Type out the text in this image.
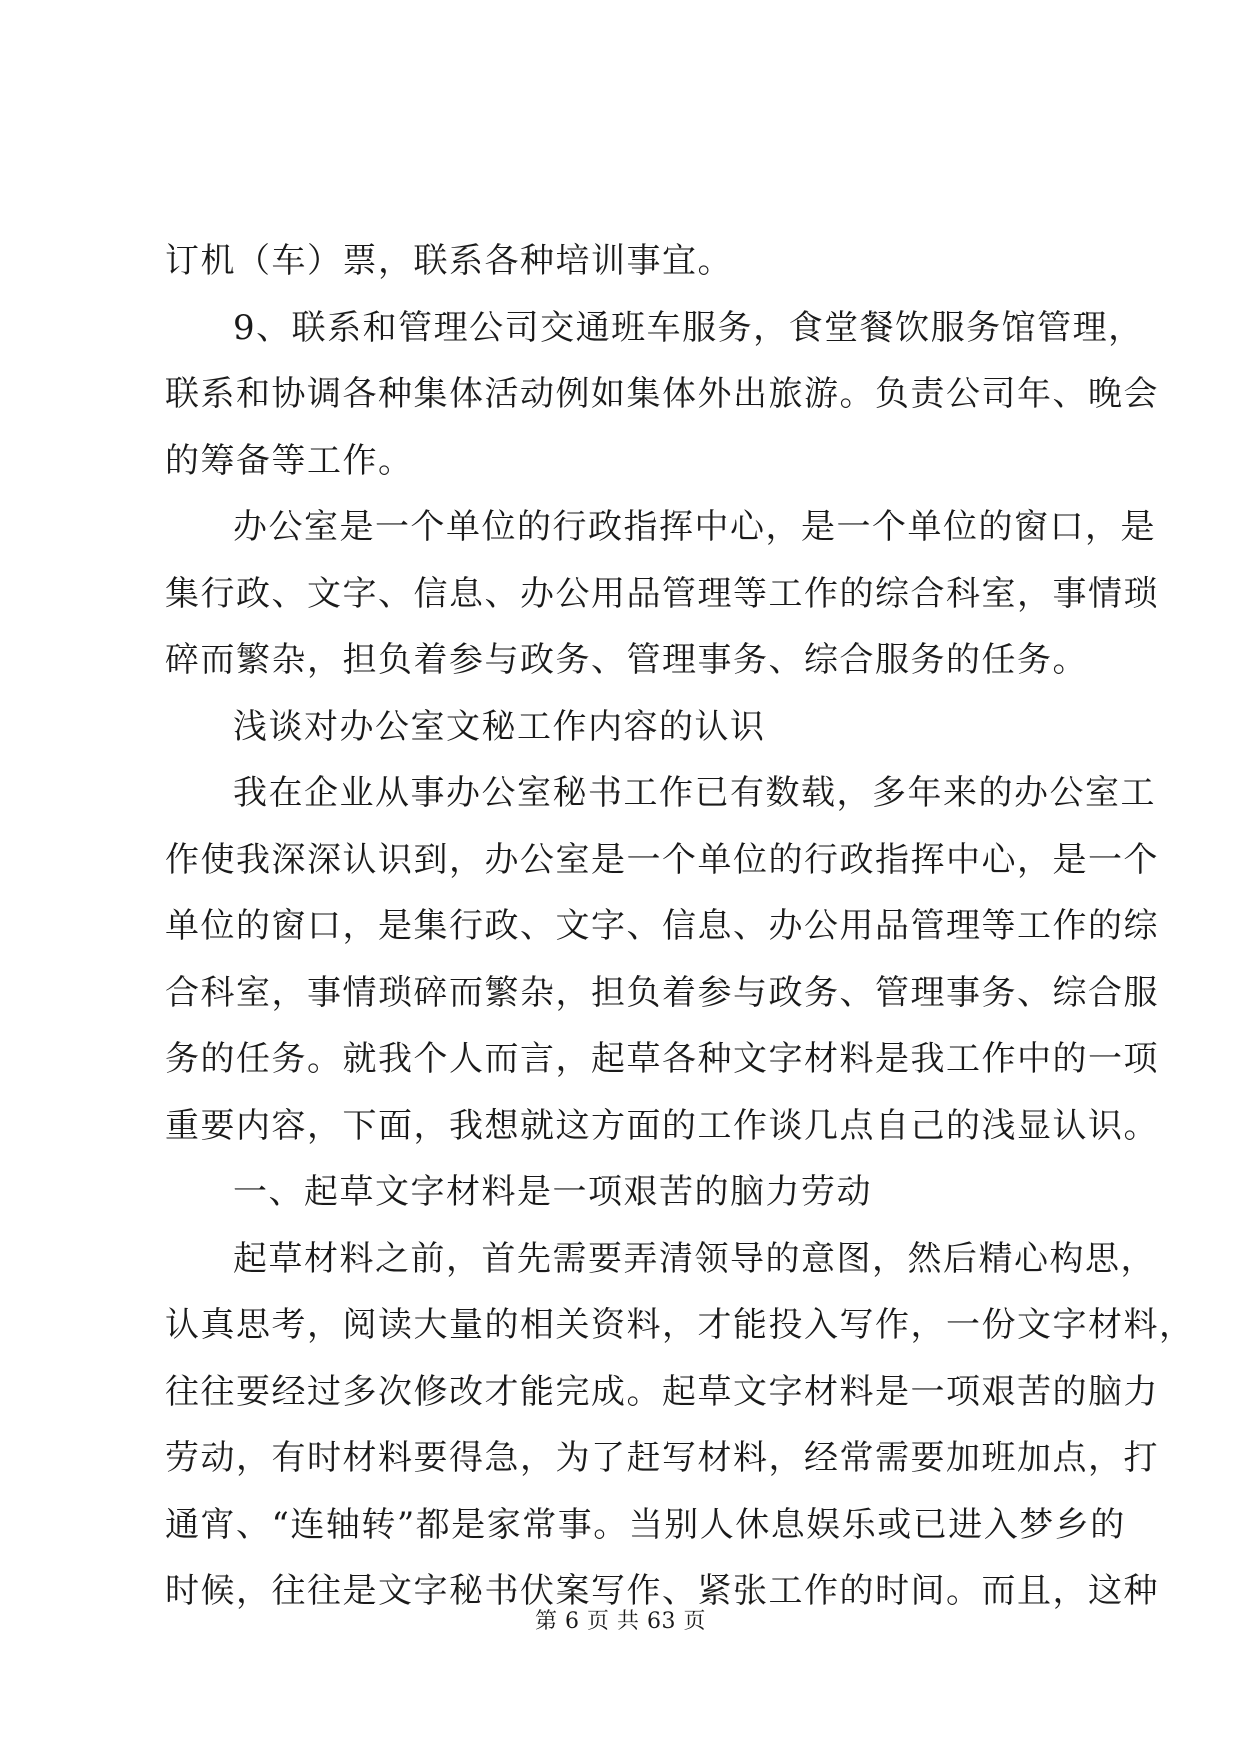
订机（车）票，联系各种培训事宜。
9、联系和管理公司交通班车服务，食堂餐饮服务馆管理，
联系和协调各种集体活动例如集体外出旅游。负责公司年、晚会
的筹备等工作。
办公室是一个单位的行政指挥中心，是一个单位的窗口，是
集行政、文字、信息、办公用品管理等工作的综合科室，事情琐
碎而繁杂，担负着参与政务、管理事务、综合服务的任务。
浅谈对办公室文秘工作内容的认识
我在企业从事办公室秘书工作已有数载，多年来的办公室工
作使我深深认识到，办公室是一个单位的行政指挥中心，是一个
单位的窗口，是集行政、文字、信息、办公用品管理等工作的综
合科室，事情琐碎而繁杂，担负着参与政务、管理事务、综合服
务的任务。就我个人而言，起草各种文字材料是我工作中的一项
重要内容，下面，我想就这方面的工作谈几点自己的浅显认识。
一、起草文字材料是一项艰苦的脑力劳动
起草材料之前，首先需要弄清领导的意图，然后精心构思，
认真思考，阅读大量的相关资料，才能投入写作，一份文字材料，
往往要经过多次修改才能完成。起草文字材料是一项艰苦的脑力
劳动，有时材料要得急，为了赶写材料，经常需要加班加点，打
通宵、“连轴转”都是家常事。当别人休息娱乐或已进入梦乡的
时候，往往是文字秘书伏案写作、紧张工作的时间。而且，这种
第 6 页 共 63 页
